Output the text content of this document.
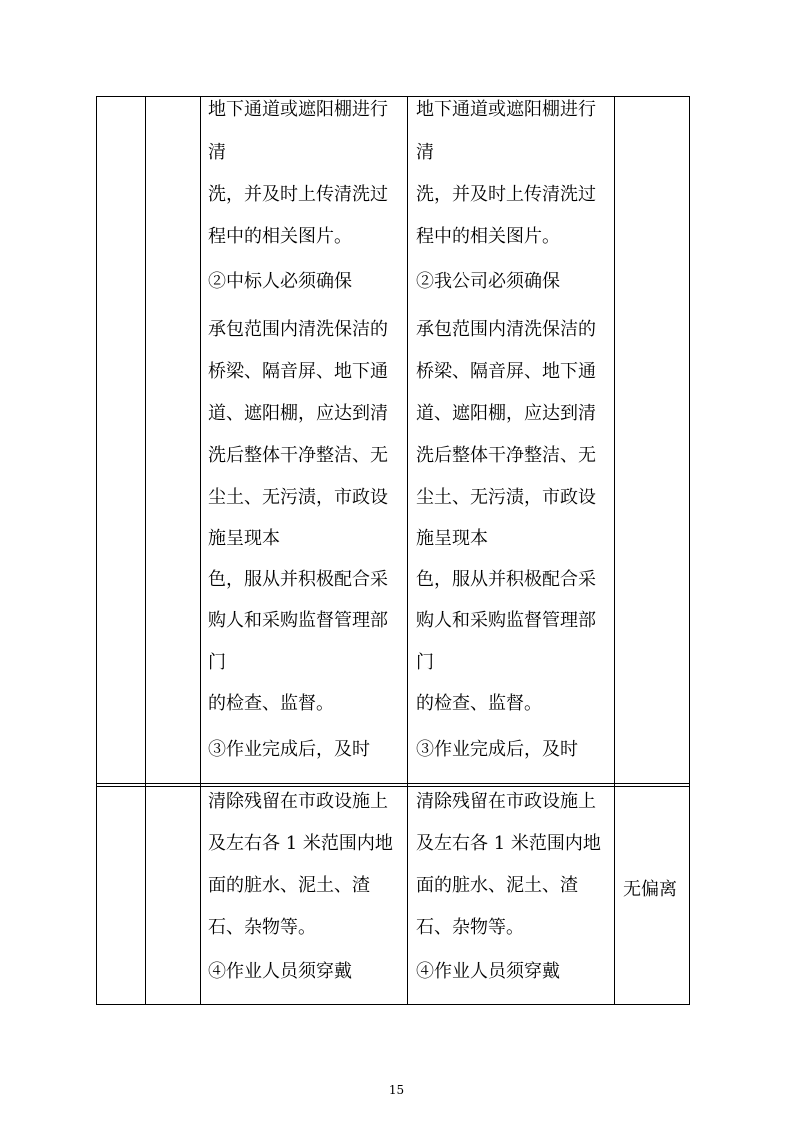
地下通道或遮阳棚进行
清
洗，并及时上传清洗过
程中的相关图片。
②中标人必须确保
承包范围内清洗保洁的
桥梁、隔音屏、地下通
道、遮阳棚，应达到清
洗后整体干净整洁、无
尘土、无污渍，市政设
施呈现本
色，服从并积极配合采
购人和采购监督管理部
门
的检查、监督。
③作业完成后，及时
地下通道或遮阳棚进行
清
洗，并及时上传清洗过
程中的相关图片。
②我公司必须确保
承包范围内清洗保洁的
桥梁、隔音屏、地下通
道、遮阳棚，应达到清
洗后整体干净整洁、无
尘土、无污渍，市政设
施呈现本
色，服从并积极配合采
购人和采购监督管理部
门
的检查、监督。
③作业完成后，及时
清除残留在市政设施上
及左右各 1 米范围内地
面的脏水、泥土、渣
石、杂物等。
④作业人员须穿戴
清除残留在市政设施上
及左右各 1 米范围内地
面的脏水、泥土、渣
石、杂物等。
④作业人员须穿戴
无偏离
15
